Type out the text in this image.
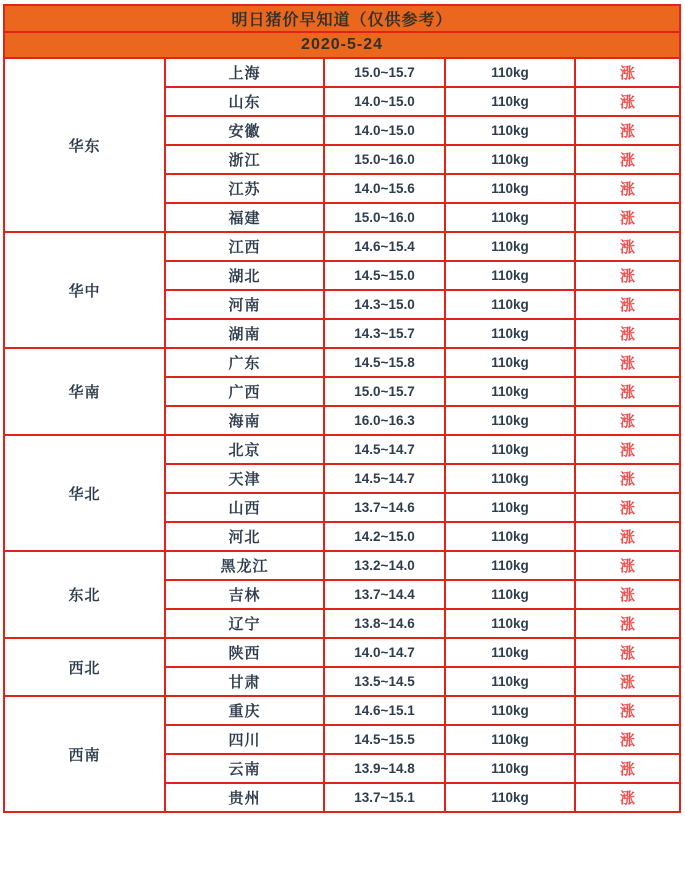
明日猪价早知道（仅供参考）				
2020-5-24				
华东	上海	15.0~15.7	110kg	涨
	山东	14.0~15.0	110kg	涨
	安徽	14.0~15.0	110kg	涨
	浙江	15.0~16.0	110kg	涨
	江苏	14.0~15.6	110kg	涨
	福建	15.0~16.0	110kg	涨
华中	江西	14.6~15.4	110kg	涨
	湖北	14.5~15.0	110kg	涨
	河南	14.3~15.0	110kg	涨
	湖南	14.3~15.7	110kg	涨
华南	广东	14.5~15.8	110kg	涨
	广西	15.0~15.7	110kg	涨
	海南	16.0~16.3	110kg	涨
华北	北京	14.5~14.7	110kg	涨
	天津	14.5~14.7	110kg	涨
	山西	13.7~14.6	110kg	涨
	河北	14.2~15.0	110kg	涨
东北	黑龙江	13.2~14.0	110kg	涨
	吉林	13.7~14.4	110kg	涨
	辽宁	13.8~14.6	110kg	涨
西北	陕西	14.0~14.7	110kg	涨
	甘肃	13.5~14.5	110kg	涨
西南	重庆	14.6~15.1	110kg	涨
	四川	14.5~15.5	110kg	涨
	云南	13.9~14.8	110kg	涨
	贵州	13.7~15.1	110kg	涨
